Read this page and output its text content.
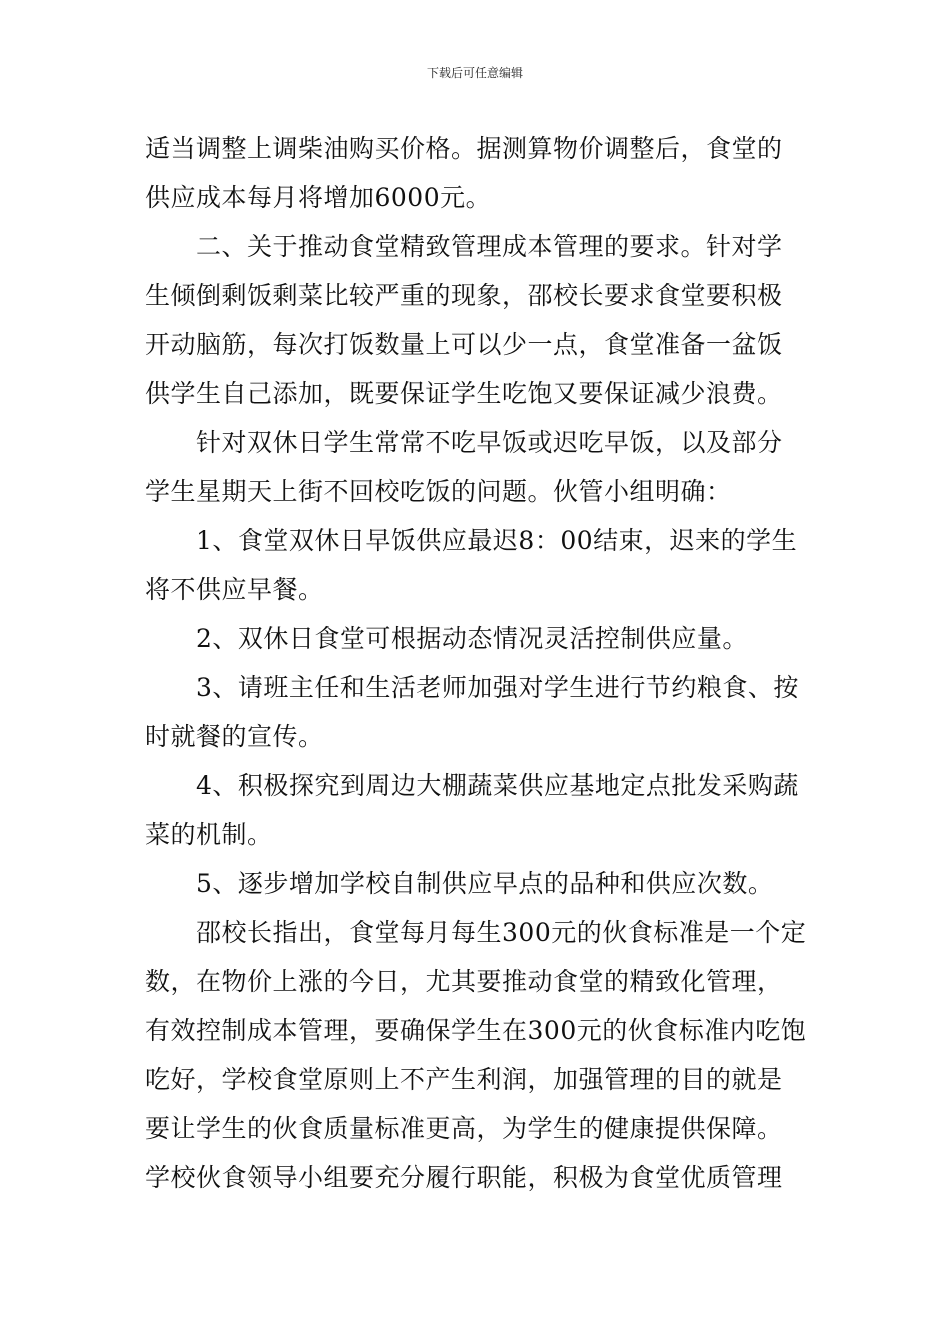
下载后可任意编辑
适当调整上调柴油购买价格。据测算物价调整后，食堂的
供应成本每月将增加6000元。
二、关于推动食堂精致管理成本管理的要求。针对学
生倾倒剩饭剩菜比较严重的现象，邵校长要求食堂要积极
开动脑筋，每次打饭数量上可以少一点，食堂准备一盆饭
供学生自己添加，既要保证学生吃饱又要保证减少浪费。
针对双休日学生常常不吃早饭或迟吃早饭，以及部分
学生星期天上街不回校吃饭的问题。伙管小组明确：
1、食堂双休日早饭供应最迟8：00结束，迟来的学生
将不供应早餐。
2、双休日食堂可根据动态情况灵活控制供应量。
3、请班主任和生活老师加强对学生进行节约粮食、按
时就餐的宣传。
4、积极探究到周边大棚蔬菜供应基地定点批发采购蔬
菜的机制。
5、逐步增加学校自制供应早点的品种和供应次数。
邵校长指出，食堂每月每生300元的伙食标准是一个定
数，在物价上涨的今日，尤其要推动食堂的精致化管理，
有效控制成本管理，要确保学生在300元的伙食标准内吃饱
吃好，学校食堂原则上不产生利润，加强管理的目的就是
要让学生的伙食质量标准更高，为学生的健康提供保障。
学校伙食领导小组要充分履行职能，积极为食堂优质管理
